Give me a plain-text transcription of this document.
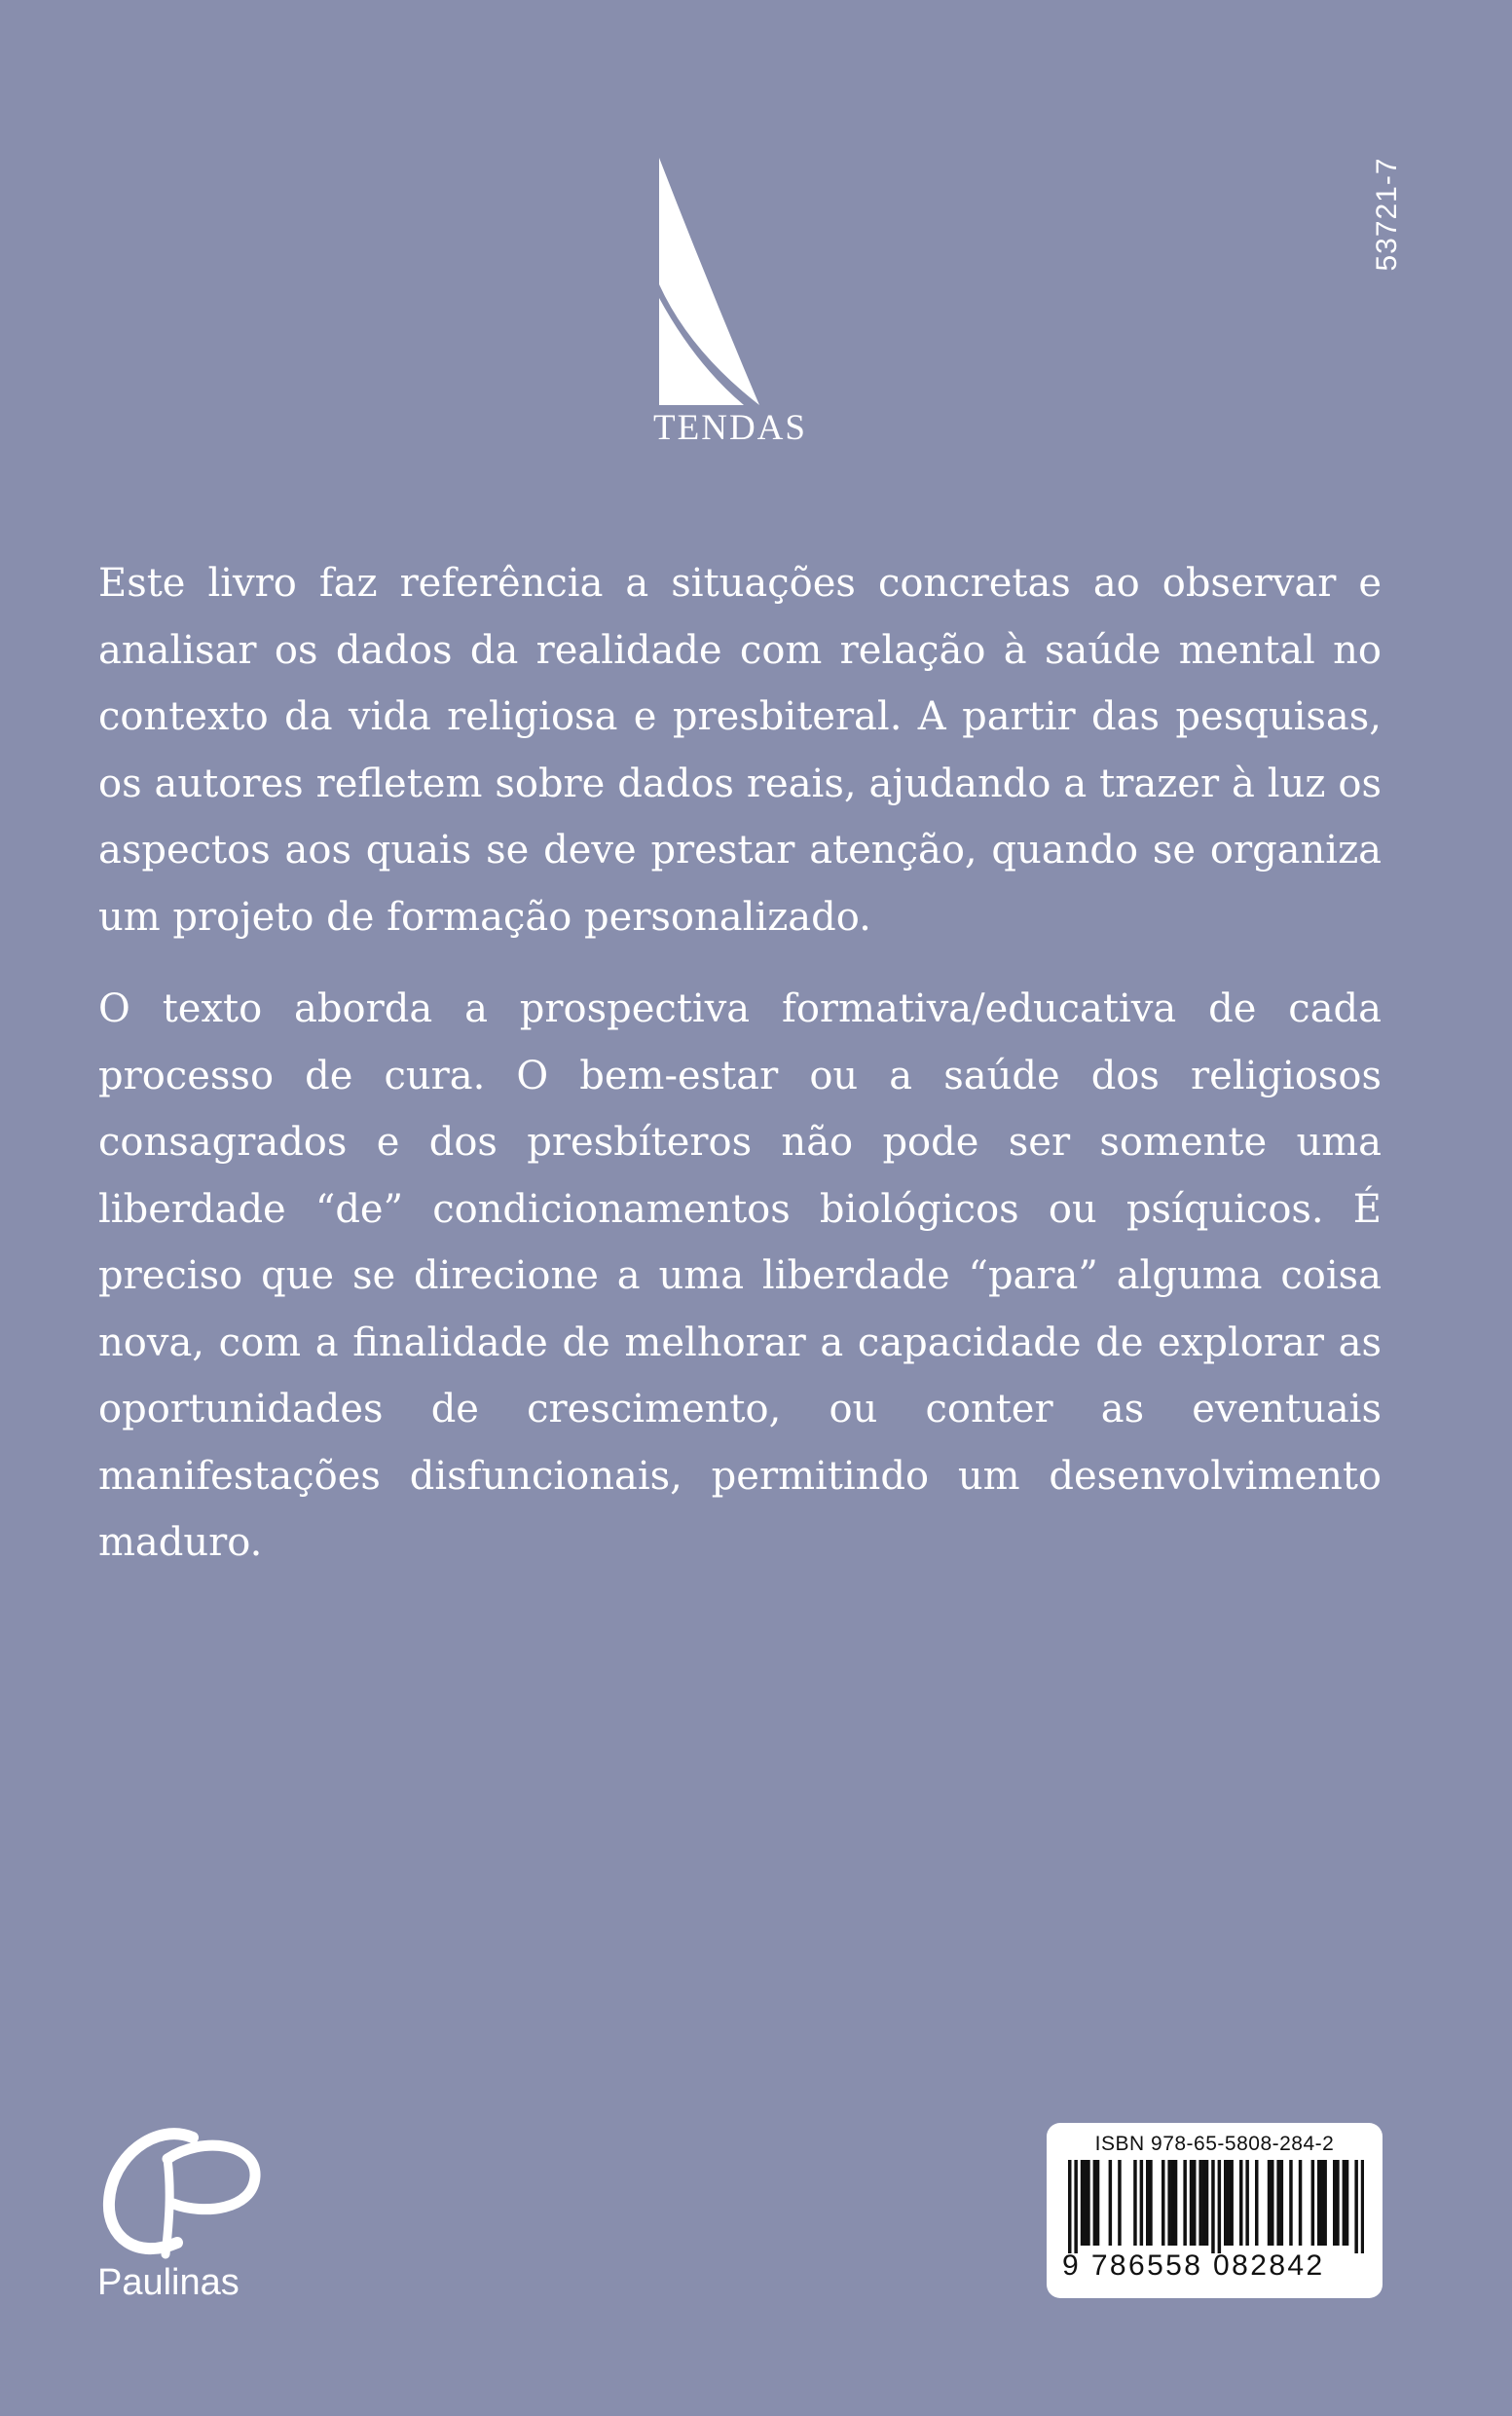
53721-7
TENDAS

Este livro faz referência a situações concretas ao observar e analisar os dados da realidade com relação à saúde mental no contexto da vida religiosa e presbiteral. A partir das pesquisas, os autores refletem sobre dados reais, ajudando a trazer à luz os aspectos aos quais se deve prestar atenção, quando se organiza um projeto de formação personalizado.

O texto aborda a prospectiva formativa/educativa de cada processo de cura. O bem-estar ou a saúde dos religiosos consagrados e dos presbíteros não pode ser somente uma liberdade “de” condicionamentos biológicos ou psíquicos. É preciso que se direcione a uma liberdade “para” alguma coisa nova, com a finalidade de melhorar a capacidade de explorar as oportunidades de crescimento, ou conter as eventuais manifestações disfuncionais, permitindo um desenvolvimento maduro.

Paulinas
ISBN 978-65-5808-284-2
9 786558 082842
